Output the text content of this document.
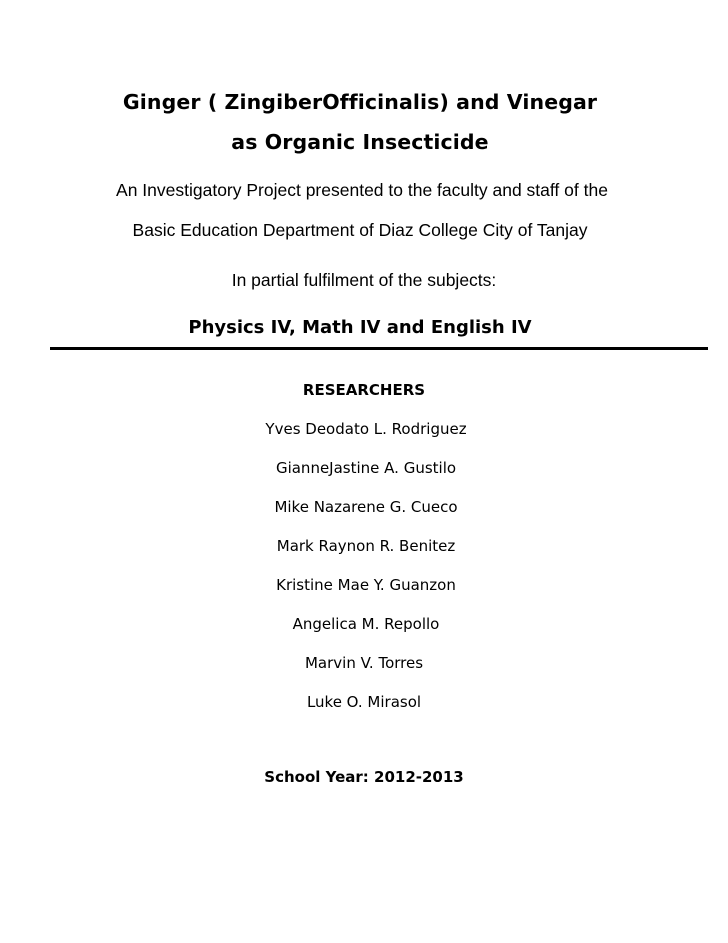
Ginger ( ZingiberOfficinalis) and Vinegar
as Organic Insecticide
An Investigatory Project presented to the faculty and staff of the
Basic Education Department of Diaz College City of Tanjay
In partial fulfilment of the subjects:
Physics IV, Math IV and English IV
RESEARCHERS
Yves Deodato L. Rodriguez
GianneJastine A. Gustilo
Mike Nazarene G. Cueco
Mark Raynon R. Benitez
Kristine Mae Y. Guanzon
Angelica M. Repollo
Marvin V. Torres
Luke O. Mirasol
School Year: 2012-2013
